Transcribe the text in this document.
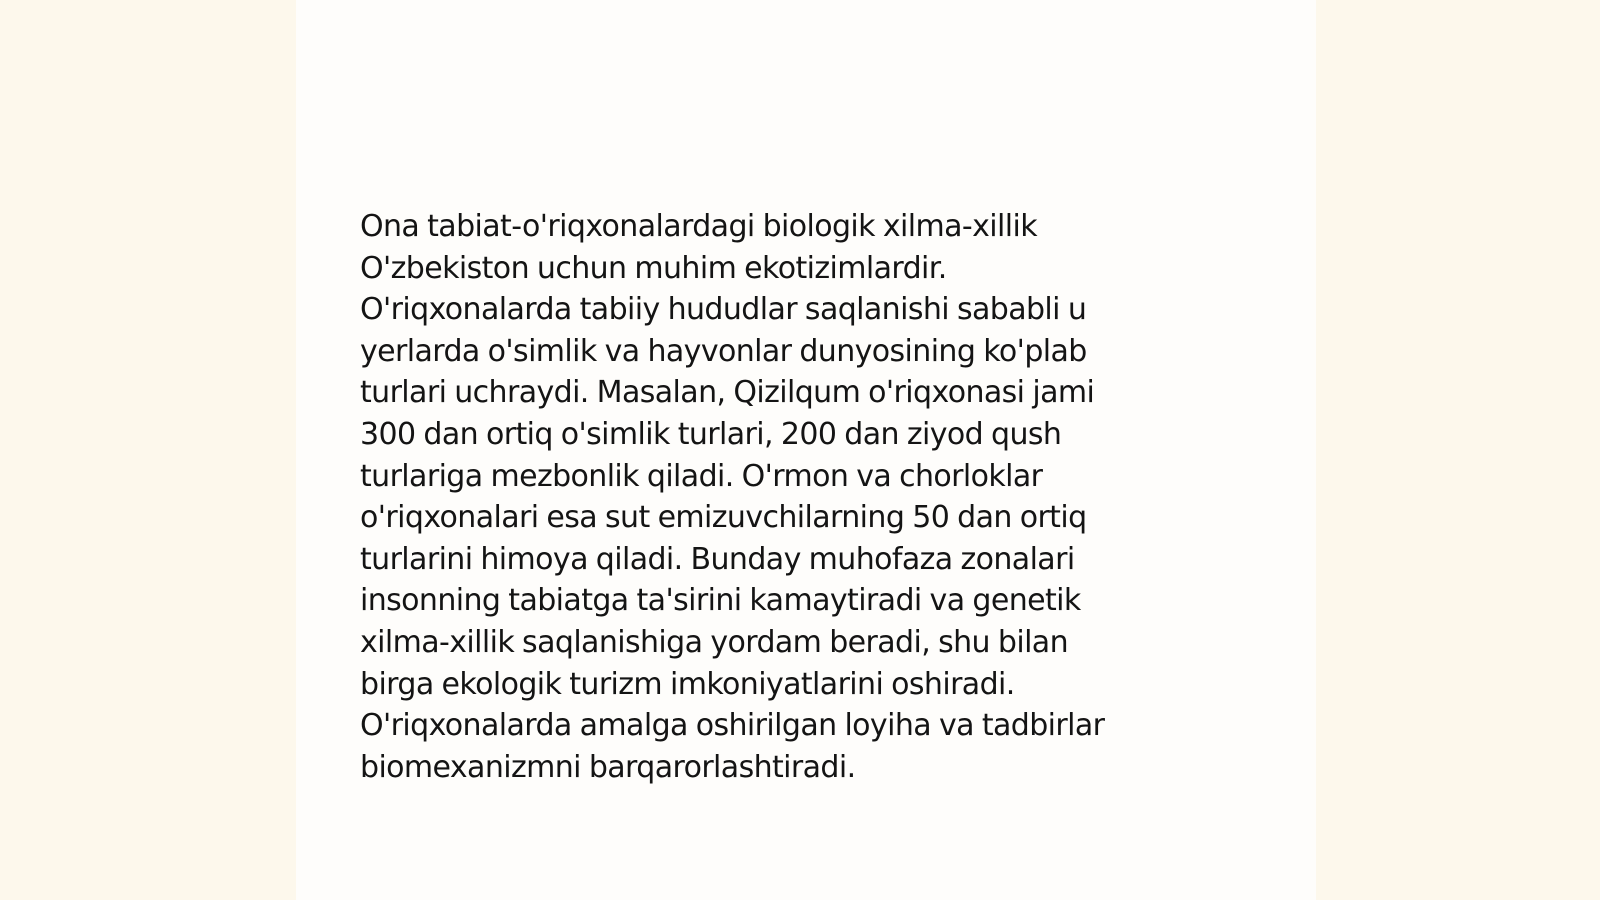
Ona tabiat-o'riqxonalardagi biologik xilma-xillik
O'zbekiston uchun muhim ekotizimlardir.
O'riqxonalarda tabiiy hududlar saqlanishi sababli u
yerlarda o'simlik va hayvonlar dunyosining ko'plab
turlari uchraydi. Masalan, Qizilqum o'riqxonasi jami
300 dan ortiq o'simlik turlari, 200 dan ziyod qush
turlariga mezbonlik qiladi. O'rmon va chorloklar
o'riqxonalari esa sut emizuvchilarning 50 dan ortiq
turlarini himoya qiladi. Bunday muhofaza zonalari
insonning tabiatga ta'sirini kamaytiradi va genetik
xilma-xillik saqlanishiga yordam beradi, shu bilan
birga ekologik turizm imkoniyatlarini oshiradi.
O'riqxonalarda amalga oshirilgan loyiha va tadbirlar
biomexanizmni barqarorlashtiradi.
